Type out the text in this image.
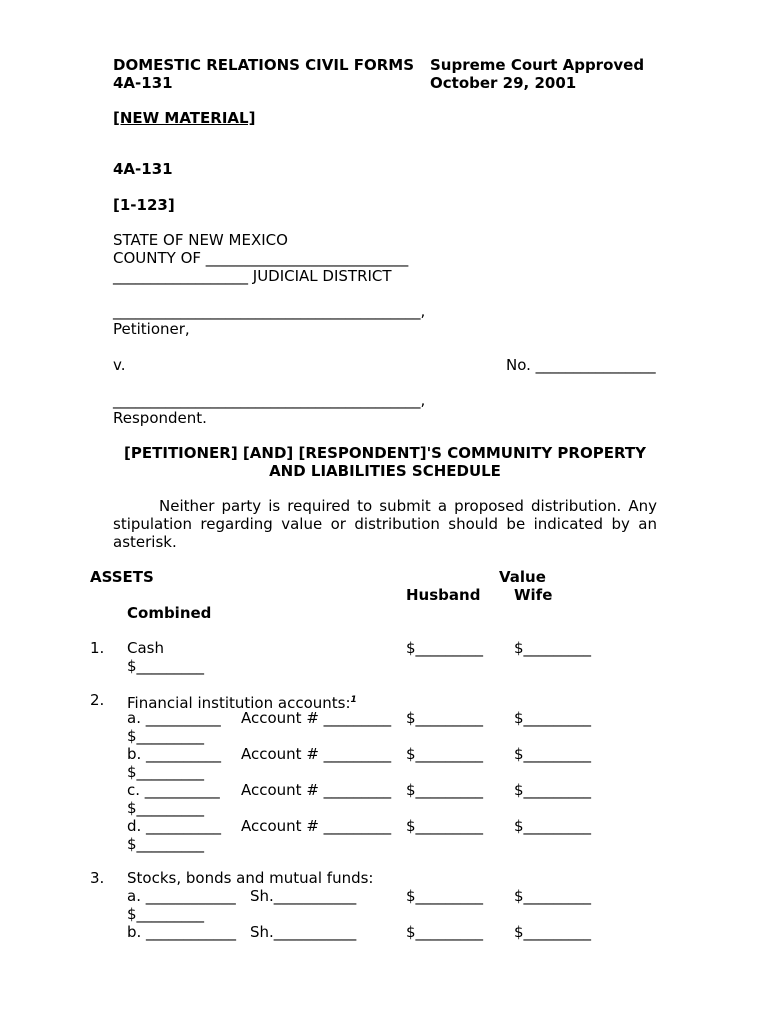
DOMESTIC RELATIONS CIVIL FORMS
4A-131
Supreme Court Approved
October 29, 2001
[NEW MATERIAL]
4A-131
[1-123]
STATE OF NEW MEXICO
COUNTY OF ___________________________
__________________ JUDICIAL DISTRICT
_________________________________________,
Petitioner,
v.	No. ________________
_________________________________________,
Respondent.
[PETITIONER] [AND] [RESPONDENT]'S COMMUNITY PROPERTY
AND LIABILITIES SCHEDULE
Neither party is required to submit a proposed distribution. Any stipulation regarding value or distribution should be indicated by an asterisk.
ASSETS	Value
Husband Wife
Combined
1. Cash	$_________ $_________
$_________
2. Financial institution accounts:$^1$
a. __________ Account # _________ $_________ $_________
$_________
b. __________ Account # _________ $_________ $_________
$_________
c. __________ Account # _________ $_________ $_________
$_________
d. __________ Account # _________ $_________ $_________
$_________
3. Stocks, bonds and mutual funds:
a. ____________ Sh.___________	$_________ $_________
$_________
b. ____________ Sh.___________	$_________ $_________
